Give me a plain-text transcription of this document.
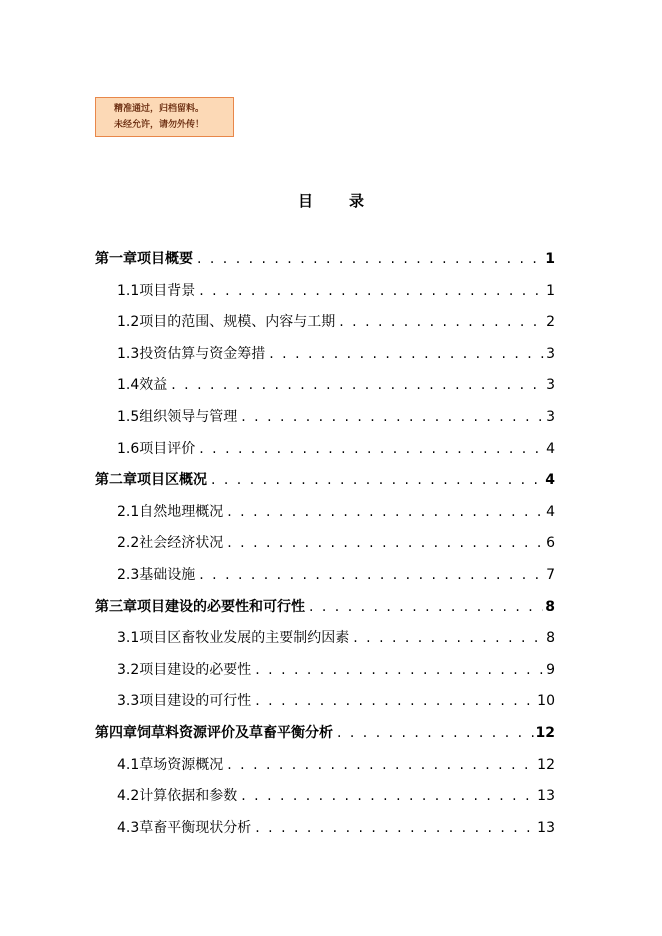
精准通过，归档留料。
未经允许，请勿外传！
目 录
第一章 项目概要 . . .	1
1.1 项目背景 . . .	1
1.2 项目的范围、规模、内容与工期 . . .	2
1.3 投资估算与资金筹措 . . .	3
1.4 效益 . . .	3
1.5 组织领导与管理 . . .	3
1.6 项目评价 . . .	4
第二章 项目区概况 . . .	4
2.1 自然地理概况 . . .	4
2.2 社会经济状况 . . .	6
2.3 基础设施 . . .	7
第三章 项目建设的必要性和可行性 . . .	8
3.1 项目区畜牧业发展的主要制约因素 . . .	8
3.2 项目建设的必要性 . . .	9
3.3 项目建设的可行性 . . .	10
第四章 饲草料资源评价及草畜平衡分析 . . .	12
4.1 草场资源概况 . . .	12
4.2 计算依据和参数 . . .	13
4.3 草畜平衡现状分析 . . .	13
